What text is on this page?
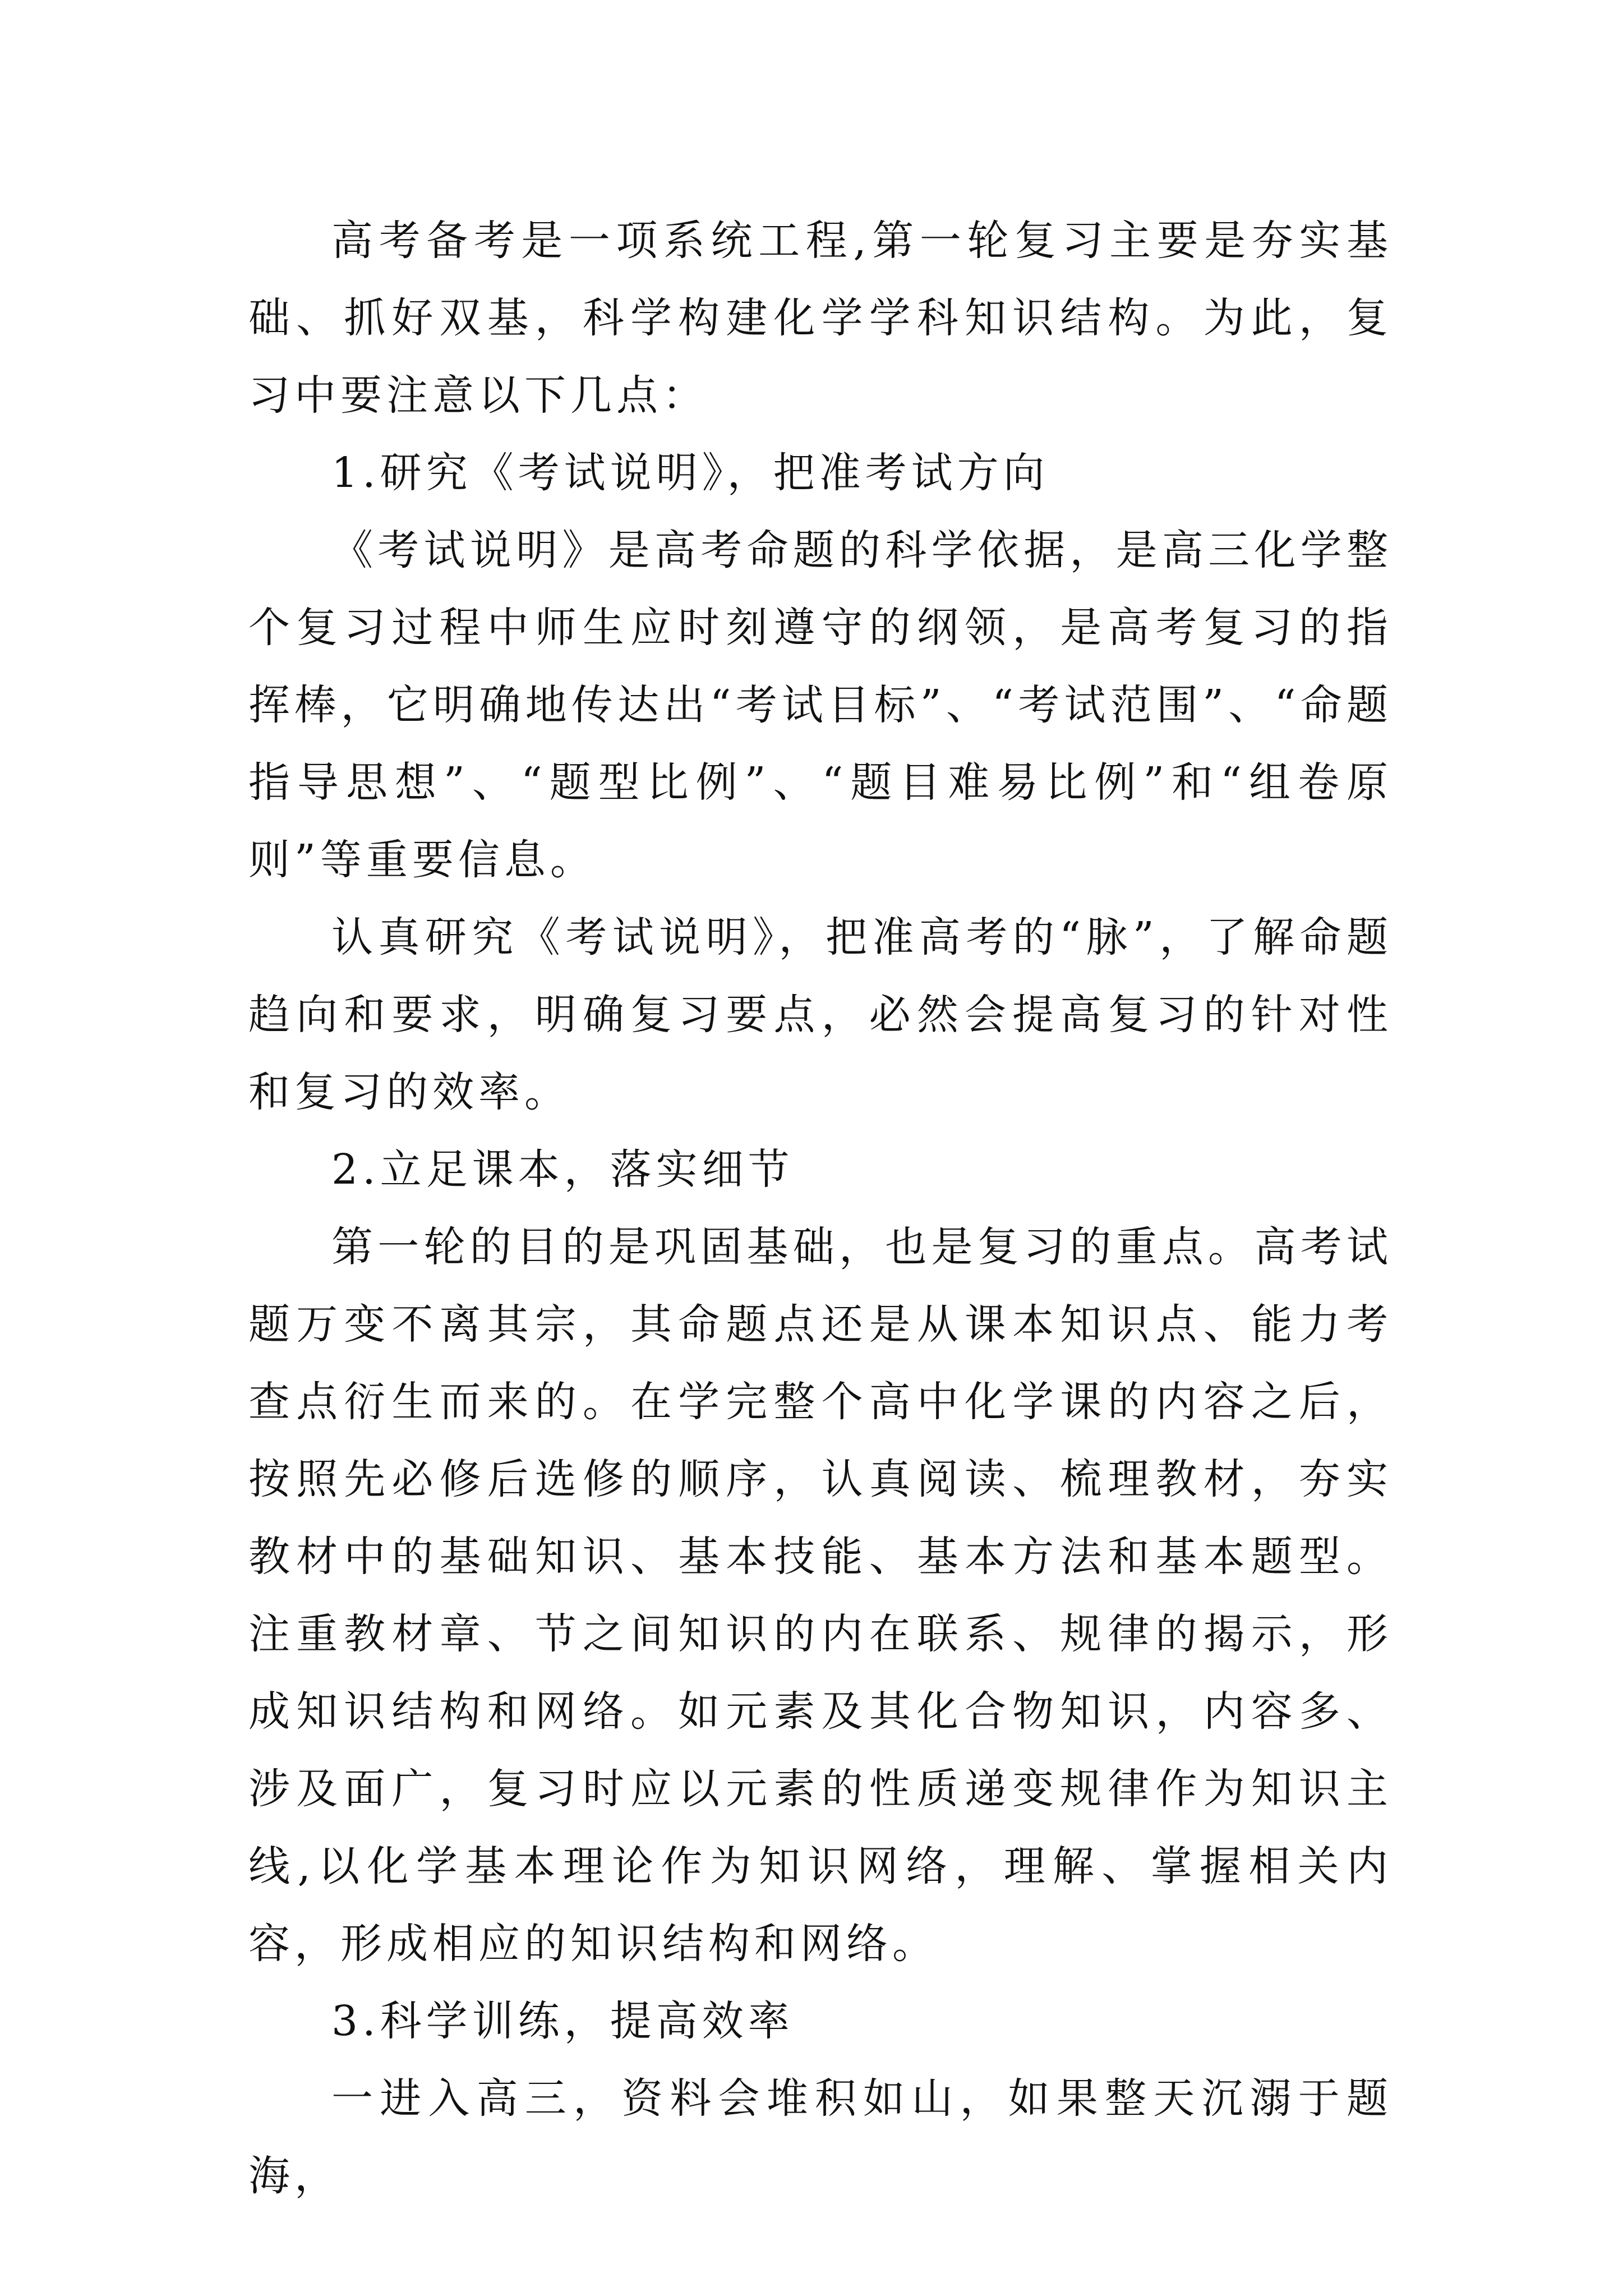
高考备考是一项系统工程,第一轮复习主要是夯实基础、抓好双基，科学构建化学学科知识结构。为此，复习中要注意以下几点：

1.研究《考试说明》，把准考试方向

《考试说明》是高考命题的科学依据，是高三化学整个复习过程中师生应时刻遵守的纲领，是高考复习的指挥棒，它明确地传达出“考试目标”、“考试范围”、“命题指导思想”、“题型比例”、“题目难易比例”和“组卷原则”等重要信息。

认真研究《考试说明》，把准高考的“脉”，了解命题趋向和要求，明确复习要点，必然会提高复习的针对性和复习的效率。

2.立足课本，落实细节

第一轮的目的是巩固基础，也是复习的重点。高考试题万变不离其宗，其命题点还是从课本知识点、能力考查点衍生而来的。在学完整个高中化学课的内容之后，按照先必修后选修的顺序，认真阅读、梳理教材，夯实教材中的基础知识、基本技能、基本方法和基本题型。注重教材章、节之间知识的内在联系、规律的揭示，形成知识结构和网络。如元素及其化合物知识，内容多、涉及面广，复习时应以元素的性质递变规律作为知识主线,以化学基本理论作为知识网络，理解、掌握相关内容，形成相应的知识结构和网络。

3.科学训练，提高效率

一进入高三，资料会堆积如山，如果整天沉溺于题海，
